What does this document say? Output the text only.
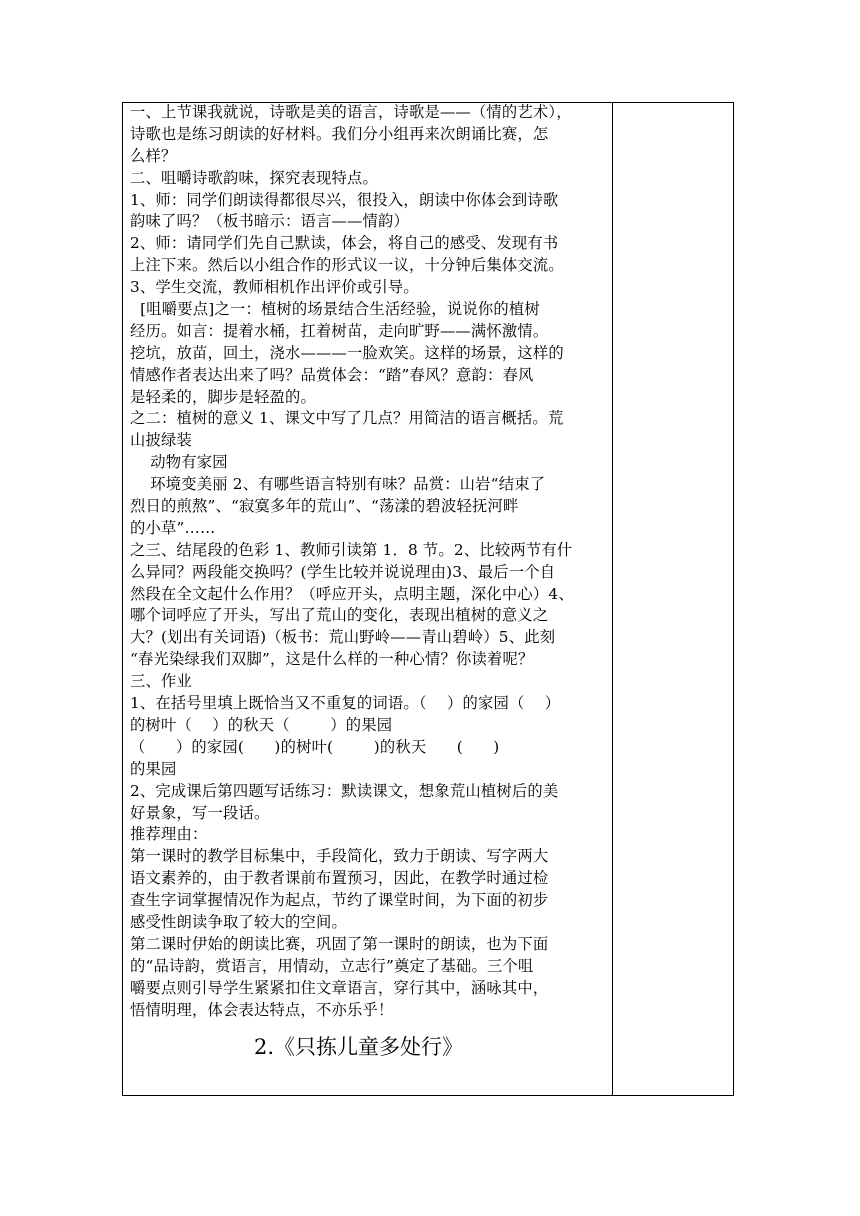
一、上节课我就说，诗歌是美的语言，诗歌是——（情的艺术），
诗歌也是练习朗读的好材料。我们分小组再来次朗诵比赛，怎
么样？
二、咀嚼诗歌韵味，探究表现特点。
1、师：同学们朗读得都很尽兴，很投入，朗读中你体会到诗歌
韵味了吗？（板书暗示：语言——情韵）
2、师：请同学们先自己默读，体会，将自己的感受、发现有书
上注下来。然后以小组合作的形式议一议，十分钟后集体交流。
3、学生交流，教师相机作出评价或引导。
[咀嚼要点]之一：植树的场景结合生活经验，说说你的植树
经历。如言：提着水桶，扛着树苗，走向旷野——满怀激情。
挖坑，放苗，回土，浇水———一脸欢笑。这样的场景，这样的
情感作者表达出来了吗？品赏体会：“踏”春风？意韵：春风
是轻柔的，脚步是轻盈的。
之二：植树的意义 1、课文中写了几点？用简洁的语言概括。荒
山披绿装
动物有家园
环境变美丽 2、有哪些语言特别有味？品赏：山岩“结束了
烈日的煎熬”、“寂寞多年的荒山”、“荡漾的碧波轻抚河畔
的小草”……
之三、结尾段的色彩 1、教师引读第 1．8 节。2、比较两节有什
么异同？两段能交换吗？(学生比较并说说理由)3、最后一个自
然段在全文起什么作用？（呼应开头，点明主题，深化中心）4、
哪个词呼应了开头，写出了荒山的变化，表现出植树的意义之
大？(划出有关词语)（板书：荒山野岭——青山碧岭）5、此刻
“春光染绿我们双脚”，这是什么样的一种心情？你读着呢？
三、作业
1、在括号里填上既恰当又不重复的词语。（    ）的家园（    ）
的树叶（    ）的秋天（        ）的果园
（      ）的家园(      )的树叶(        )的秋天      (      )
的果园
2、完成课后第四题写话练习：默读课文，想象荒山植树后的美
好景象，写一段话。
推荐理由：
第一课时的教学目标集中，手段简化，致力于朗读、写字两大
语文素养的，由于教者课前布置预习，因此，在教学时通过检
查生字词掌握情况作为起点，节约了课堂时间，为下面的初步
感受性朗读争取了较大的空间。
第二课时伊始的朗读比赛，巩固了第一课时的朗读，也为下面
的“品诗韵，赏语言，用情动，立志行”奠定了基础。三个咀
嚼要点则引导学生紧紧扣住文章语言，穿行其中，涵咏其中，
悟情明理，体会表达特点，不亦乐乎！
2.《只拣儿童多处行》
